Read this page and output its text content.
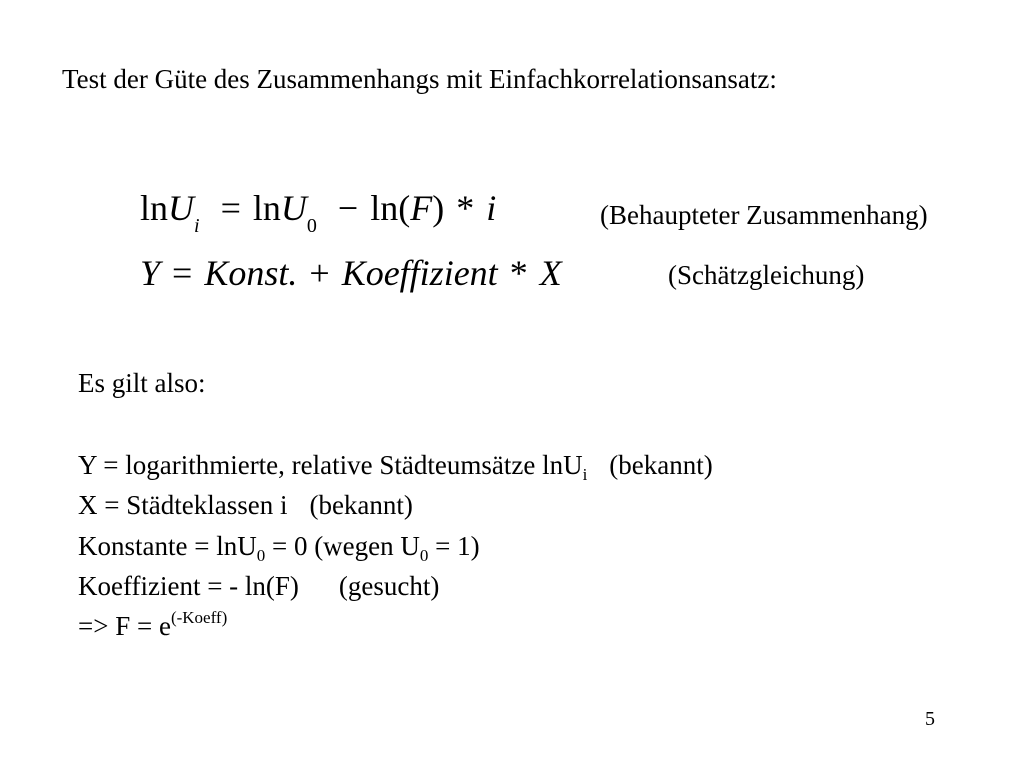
Test der Güte des Zusammenhangs mit Einfachkorrelationsansatz:
lnU$_i$ = lnU$_0$ − ln(F) * i	(Behaupteter Zusammenhang)
Y = Konst. + Koeffizient * X	(Schätzgleichung)
Es gilt also:
Y = logarithmierte, relative Städteumsätze lnU$_i$ (bekannt)
X = Städteklassen i (bekannt)
Konstante = lnU$_0$ = 0 (wegen $U_0 = 1$)
Koeffizient = - ln(F) (gesucht)
=> $F = e^{(-Koeff)}$
5
